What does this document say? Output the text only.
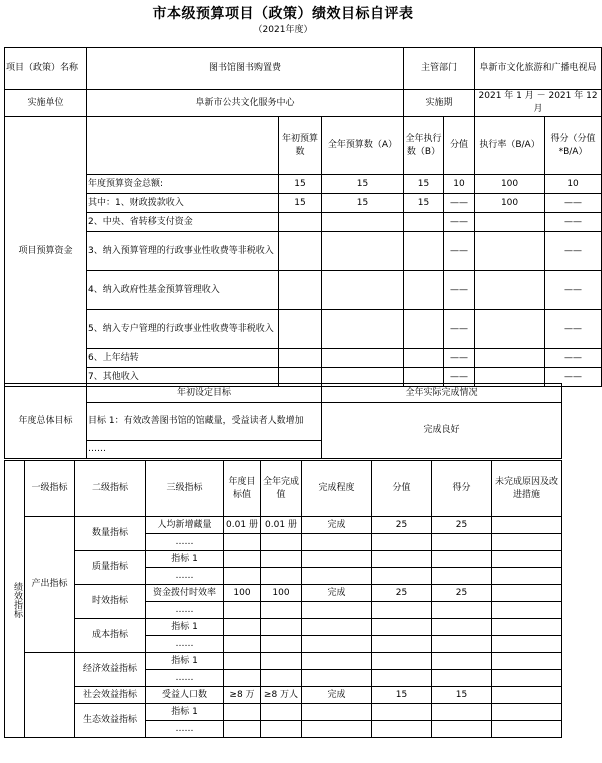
市本级预算项目（政策）绩效目标自评表
（2021年度）
项目（政策）名称	图书馆图书购置费			主管部门		阜新市文化旅游和广播电视局	
实施单位	阜新市公共文化服务中心			实施期		2021 年 1 月 － 2021 年 12 月	
项目预算资金		年初预算数	全年预算数（A）	全年执行数（B）	分值	执行率（B/A）	得分（分值*B/A）
	年度预算资金总额:	15	15	15	10	100	10
	其中：1、财政拨款收入	15	15	15	——	100	——
	2、中央、省转移支付资金				——		——
	3、纳入预算管理的行政事业性收费等非税收入				——		——
	4、纳入政府性基金预算管理收入				——		——
	5、纳入专户管理的行政事业性收费等非税收入				——		——
	6、上年结转				——		——
	7、其他收入				——		——
年度总体目标	年初设定目标	全年实际完成情况
	目标 1：有效改善图书馆的馆藏量，受益读者人数增加	完成良好
	……	
绩效指标	一级指标	二级指标	三级指标	年度目标值	全年完成值	完成程度	分值	得分	未完成原因及改进措施
	产出指标	数量指标	人均新增藏量	0.01 册	0.01 册	完成	25	25	
			……						
		质量指标	指标 1						
			……						
		时效指标	资金拨付时效率	100	100	完成	25	25	
			……						
		成本指标	指标 1						
			……						
		经济效益指标	指标 1						
			……						
		社会效益指标	受益人口数	≥8 万	≥8 万人	完成	15	15	
		生态效益指标	指标 1						
			……						
